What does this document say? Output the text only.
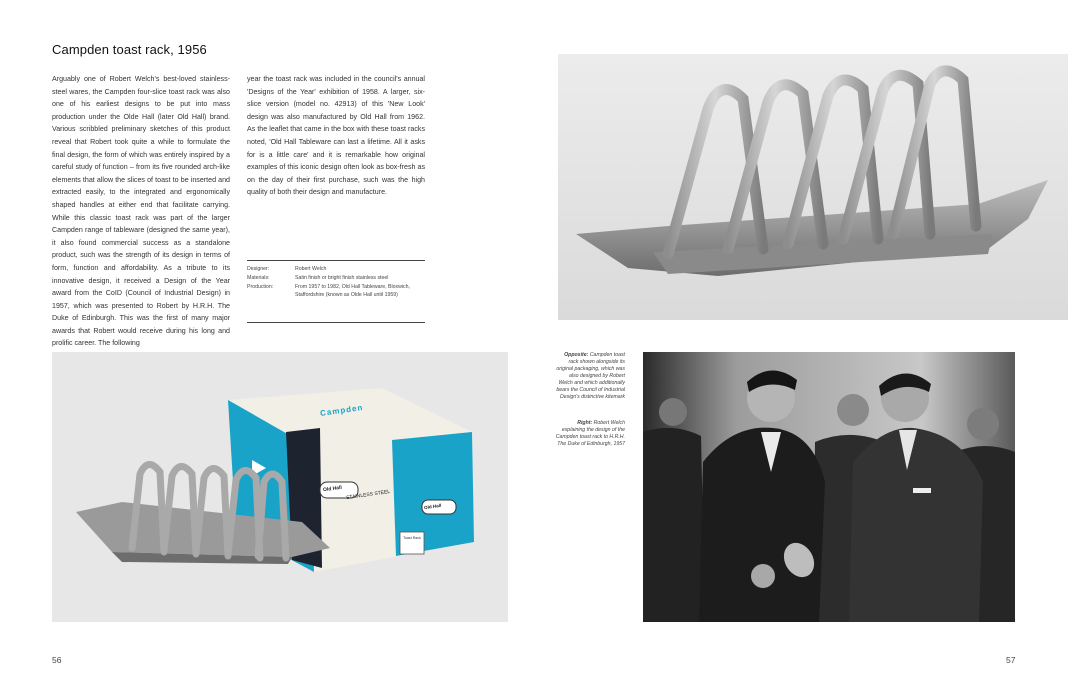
Campden toast rack, 1956

Arguably one of Robert Welch's best-loved stainless-steel wares, the Campden four-slice toast rack was also one of his earliest designs to be put into mass production under the Olde Hall (later Old Hall) brand. Various scribbled preliminary sketches of this product reveal that Robert took quite a while to formulate the final design, the form of which was entirely inspired by a careful study of function – from its five rounded arch-like elements that allow the slices of toast to be inserted and extracted easily, to the integrated and ergonomically shaped handles at either end that facilitate carrying. While this classic toast rack was part of the larger Campden range of tableware (designed the same year), it also found commercial success as a standalone product, such was the strength of its design in terms of form, function and affordability. As a tribute to its innovative design, it received a Design of the Year award from the CoID (Council of Industrial Design) in 1957, which was presented to Robert by H.R.H. The Duke of Edinburgh. This was the first of many major awards that Robert would receive during his long and prolific career. The following

year the toast rack was included in the council's annual 'Designs of the Year' exhibition of 1958. A larger, six-slice version (model no. 42913) of this 'New Look' design was also manufactured by Old Hall from 1962. As the leaflet that came in the box with these toast racks noted, 'Old Hall Tableware can last a lifetime. All it asks for is a little care' and it is remarkable how original examples of this iconic design often look as box-fresh as on the day of their first purchase, such was the high quality of both their design and manufacture.

Designer:	Robert Welch
Materials:	Satin finish or bright finish stainless steel
Production:	From 1957 to 1982, Old Hall Tableware, Bloxwich, Staffordshire (known as Olde Hall until 1959)
Campden
Old Hall
Old Hall
STAINLESS STEEL
Toast Rack
Opposite: Campden toast rack shown alongside its original packaging, which was also designed by Robert Welch and which additionally bears the Council of Industrial Design's distinctive kitemark
Right: Robert Welch explaining the design of the Campden toast rack to H.R.H. The Duke of Edinburgh, 1957
56	57
